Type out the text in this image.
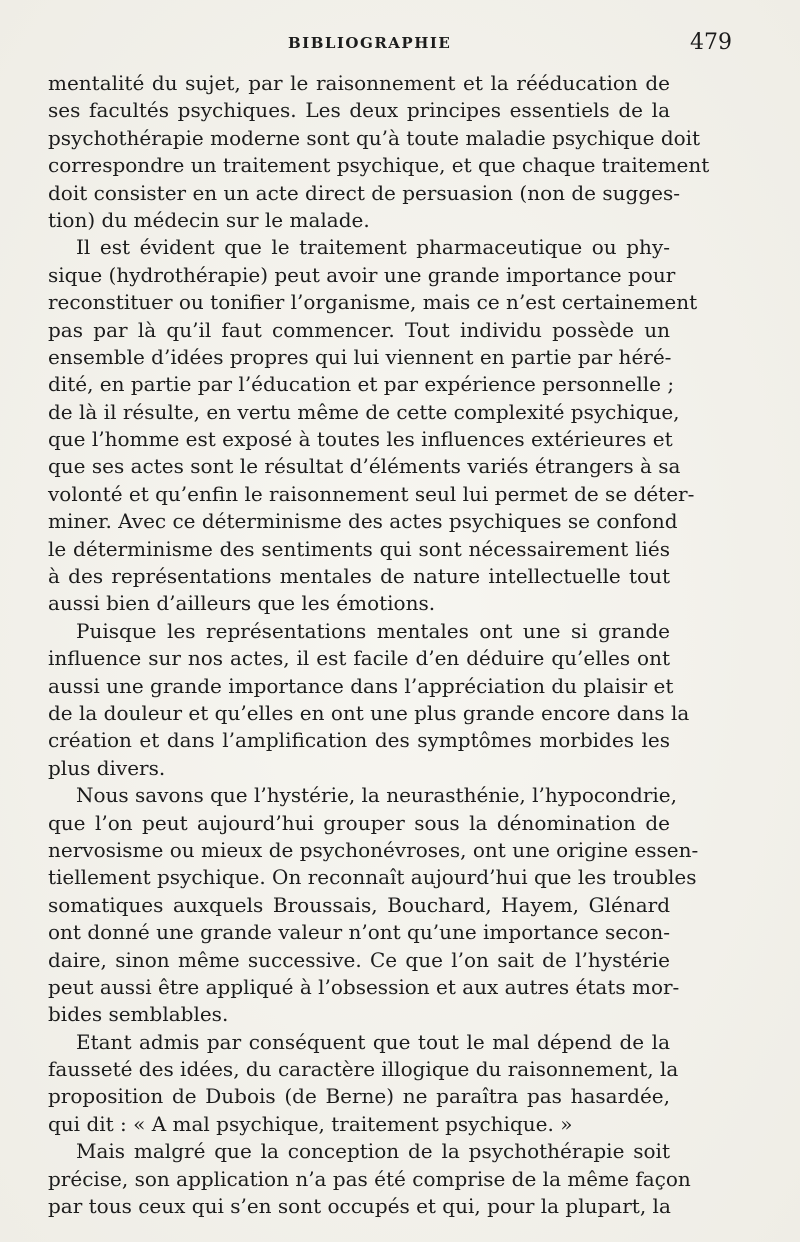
BIBLIOGRAPHIE	479
mentalité du sujet, par le raisonnement et la rééducation de
ses facultés psychiques. Les deux principes essentiels de la
psychothérapie moderne sont qu’à toute maladie psychique doit
correspondre un traitement psychique, et que chaque traitement
doit consister en un acte direct de persuasion (non de sugges-
tion) du médecin sur le malade.
Il est évident que le traitement pharmaceutique ou phy-
sique (hydrothérapie) peut avoir une grande importance pour
reconstituer ou tonifier l’organisme, mais ce n’est certainement
pas par là qu’il faut commencer. Tout individu possède un
ensemble d’idées propres qui lui viennent en partie par héré-
dité, en partie par l’éducation et par expérience personnelle ;
de là il résulte, en vertu même de cette complexité psychique,
que l’homme est exposé à toutes les influences extérieures et
que ses actes sont le résultat d’éléments variés étrangers à sa
volonté et qu’enfin le raisonnement seul lui permet de se déter-
miner. Avec ce déterminisme des actes psychiques se confond
le déterminisme des sentiments qui sont nécessairement liés
à des représentations mentales de nature intellectuelle tout
aussi bien d’ailleurs que les émotions.
Puisque les représentations mentales ont une si grande
influence sur nos actes, il est facile d’en déduire qu’elles ont
aussi une grande importance dans l’appréciation du plaisir et
de la douleur et qu’elles en ont une plus grande encore dans la
création et dans l’amplification des symptômes morbides les
plus divers.
Nous savons que l’hystérie, la neurasthénie, l’hypocondrie,
que l’on peut aujourd’hui grouper sous la dénomination de
nervosisme ou mieux de psychonévroses, ont une origine essen-
tiellement psychique. On reconnaît aujourd’hui que les troubles
somatiques auxquels Broussais, Bouchard, Hayem, Glénard
ont donné une grande valeur n’ont qu’une importance secon-
daire, sinon même successive. Ce que l’on sait de l’hystérie
peut aussi être appliqué à l’obsession et aux autres états mor-
bides semblables.
Etant admis par conséquent que tout le mal dépend de la
fausseté des idées, du caractère illogique du raisonnement, la
proposition de Dubois (de Berne) ne paraîtra pas hasardée,
qui dit : « A mal psychique, traitement psychique. »
Mais malgré que la conception de la psychothérapie soit
précise, son application n’a pas été comprise de la même façon
par tous ceux qui s’en sont occupés et qui, pour la plupart, la
